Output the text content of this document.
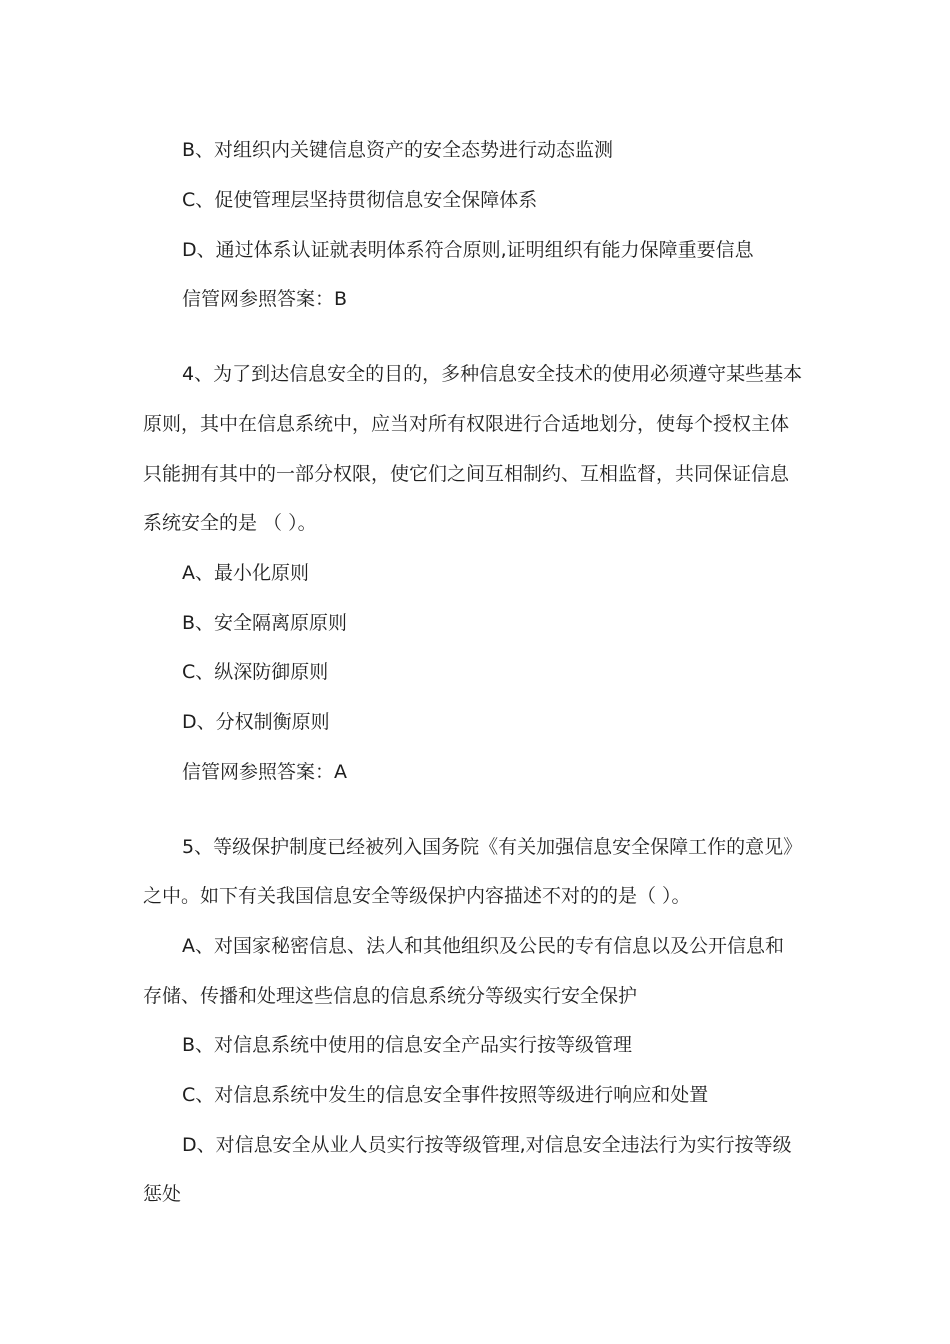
B、对组织内关键信息资产的安全态势进行动态监测
C、促使管理层坚持贯彻信息安全保障体系
D、通过体系认证就表明体系符合原则,证明组织有能力保障重要信息
信管网参照答案：B
4、为了到达信息安全的目的，多种信息安全技术的使用必须遵守某些基本
原则，其中在信息系统中，应当对所有权限进行合适地划分，使每个授权主体
只能拥有其中的一部分权限，使它们之间互相制约、互相监督，共同保证信息
系统安全的是 （ ）。
A、最小化原则
B、安全隔离原原则
C、纵深防御原则
D、分权制衡原则
信管网参照答案：A
5、等级保护制度已经被列入国务院《有关加强信息安全保障工作的意见》
之中。如下有关我国信息安全等级保护内容描述不对的的是（ ）。
A、对国家秘密信息、法人和其他组织及公民的专有信息以及公开信息和
存储、传播和处理这些信息的信息系统分等级实行安全保护
B、对信息系统中使用的信息安全产品实行按等级管理
C、对信息系统中发生的信息安全事件按照等级进行响应和处置
D、对信息安全从业人员实行按等级管理,对信息安全违法行为实行按等级
惩处
